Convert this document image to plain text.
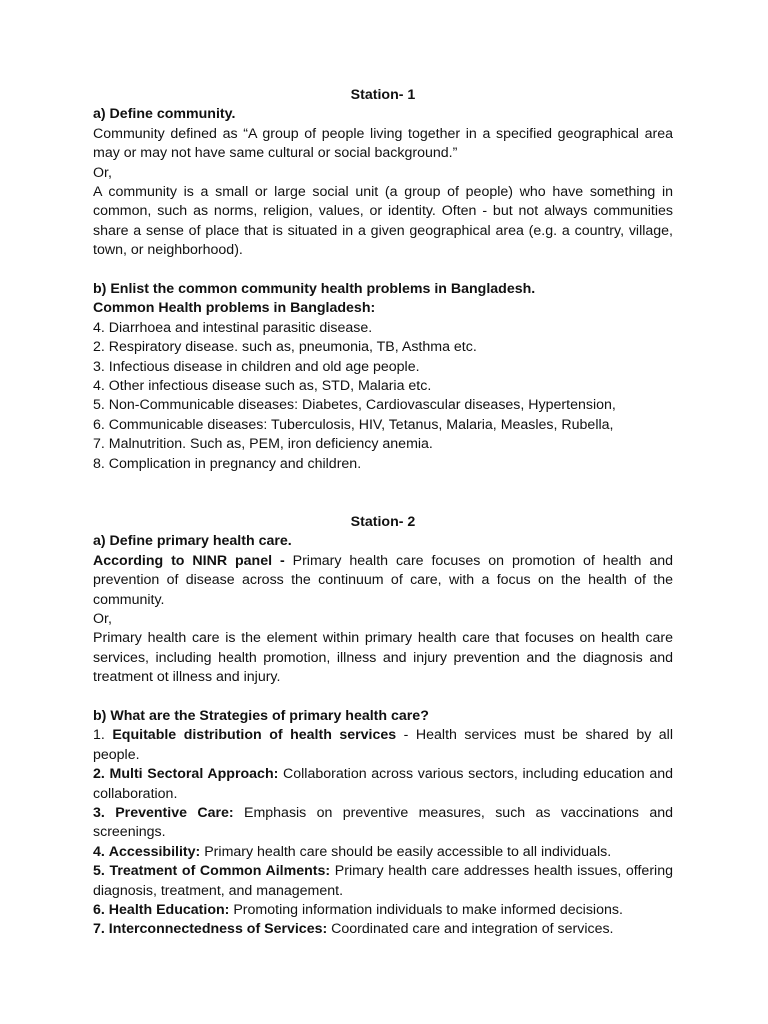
Station- 1

a) Define community.

Community defined as “A group of people living together in a specified geographical area may or may not have same cultural or social background.”

Or,

A community is a small or large social unit (a group of people) who have something in common, such as norms, religion, values, or identity. Often - but not always communities share a sense of place that is situated in a given geographical area (e.g. a country, village, town, or neighborhood).

b) Enlist the common community health problems in Bangladesh.

Common Health problems in Bangladesh:

4. Diarrhoea and intestinal parasitic disease.
2. Respiratory disease. such as, pneumonia, TB, Asthma etc.
3. Infectious disease in children and old age people.
4. Other infectious disease such as, STD, Malaria etc.
5. Non-Communicable diseases: Diabetes, Cardiovascular diseases, Hypertension,
6. Communicable diseases: Tuberculosis, HIV, Tetanus, Malaria, Measles, Rubella,
7. Malnutrition. Such as, PEM, iron deficiency anemia.
8. Complication in pregnancy and children.

Station- 2

a) Define primary health care.

According to NINR panel - Primary health care focuses on promotion of health and prevention of disease across the continuum of care, with a focus on the health of the community.

Or,

Primary health care is the element within primary health care that focuses on health care services, including health promotion, illness and injury prevention and the diagnosis and treatment ot illness and injury.

b) What are the Strategies of primary health care?

1. Equitable distribution of health services - Health services must be shared by all people.

2. Multi Sectoral Approach: Collaboration across various sectors, including education and collaboration.

3. Preventive Care: Emphasis on preventive measures, such as vaccinations and screenings.

4. Accessibility: Primary health care should be easily accessible to all individuals.

5. Treatment of Common Ailments: Primary health care addresses health issues, offering diagnosis, treatment, and management.

6. Health Education: Promoting information individuals to make informed decisions.

7. Interconnectedness of Services: Coordinated care and integration of services.
